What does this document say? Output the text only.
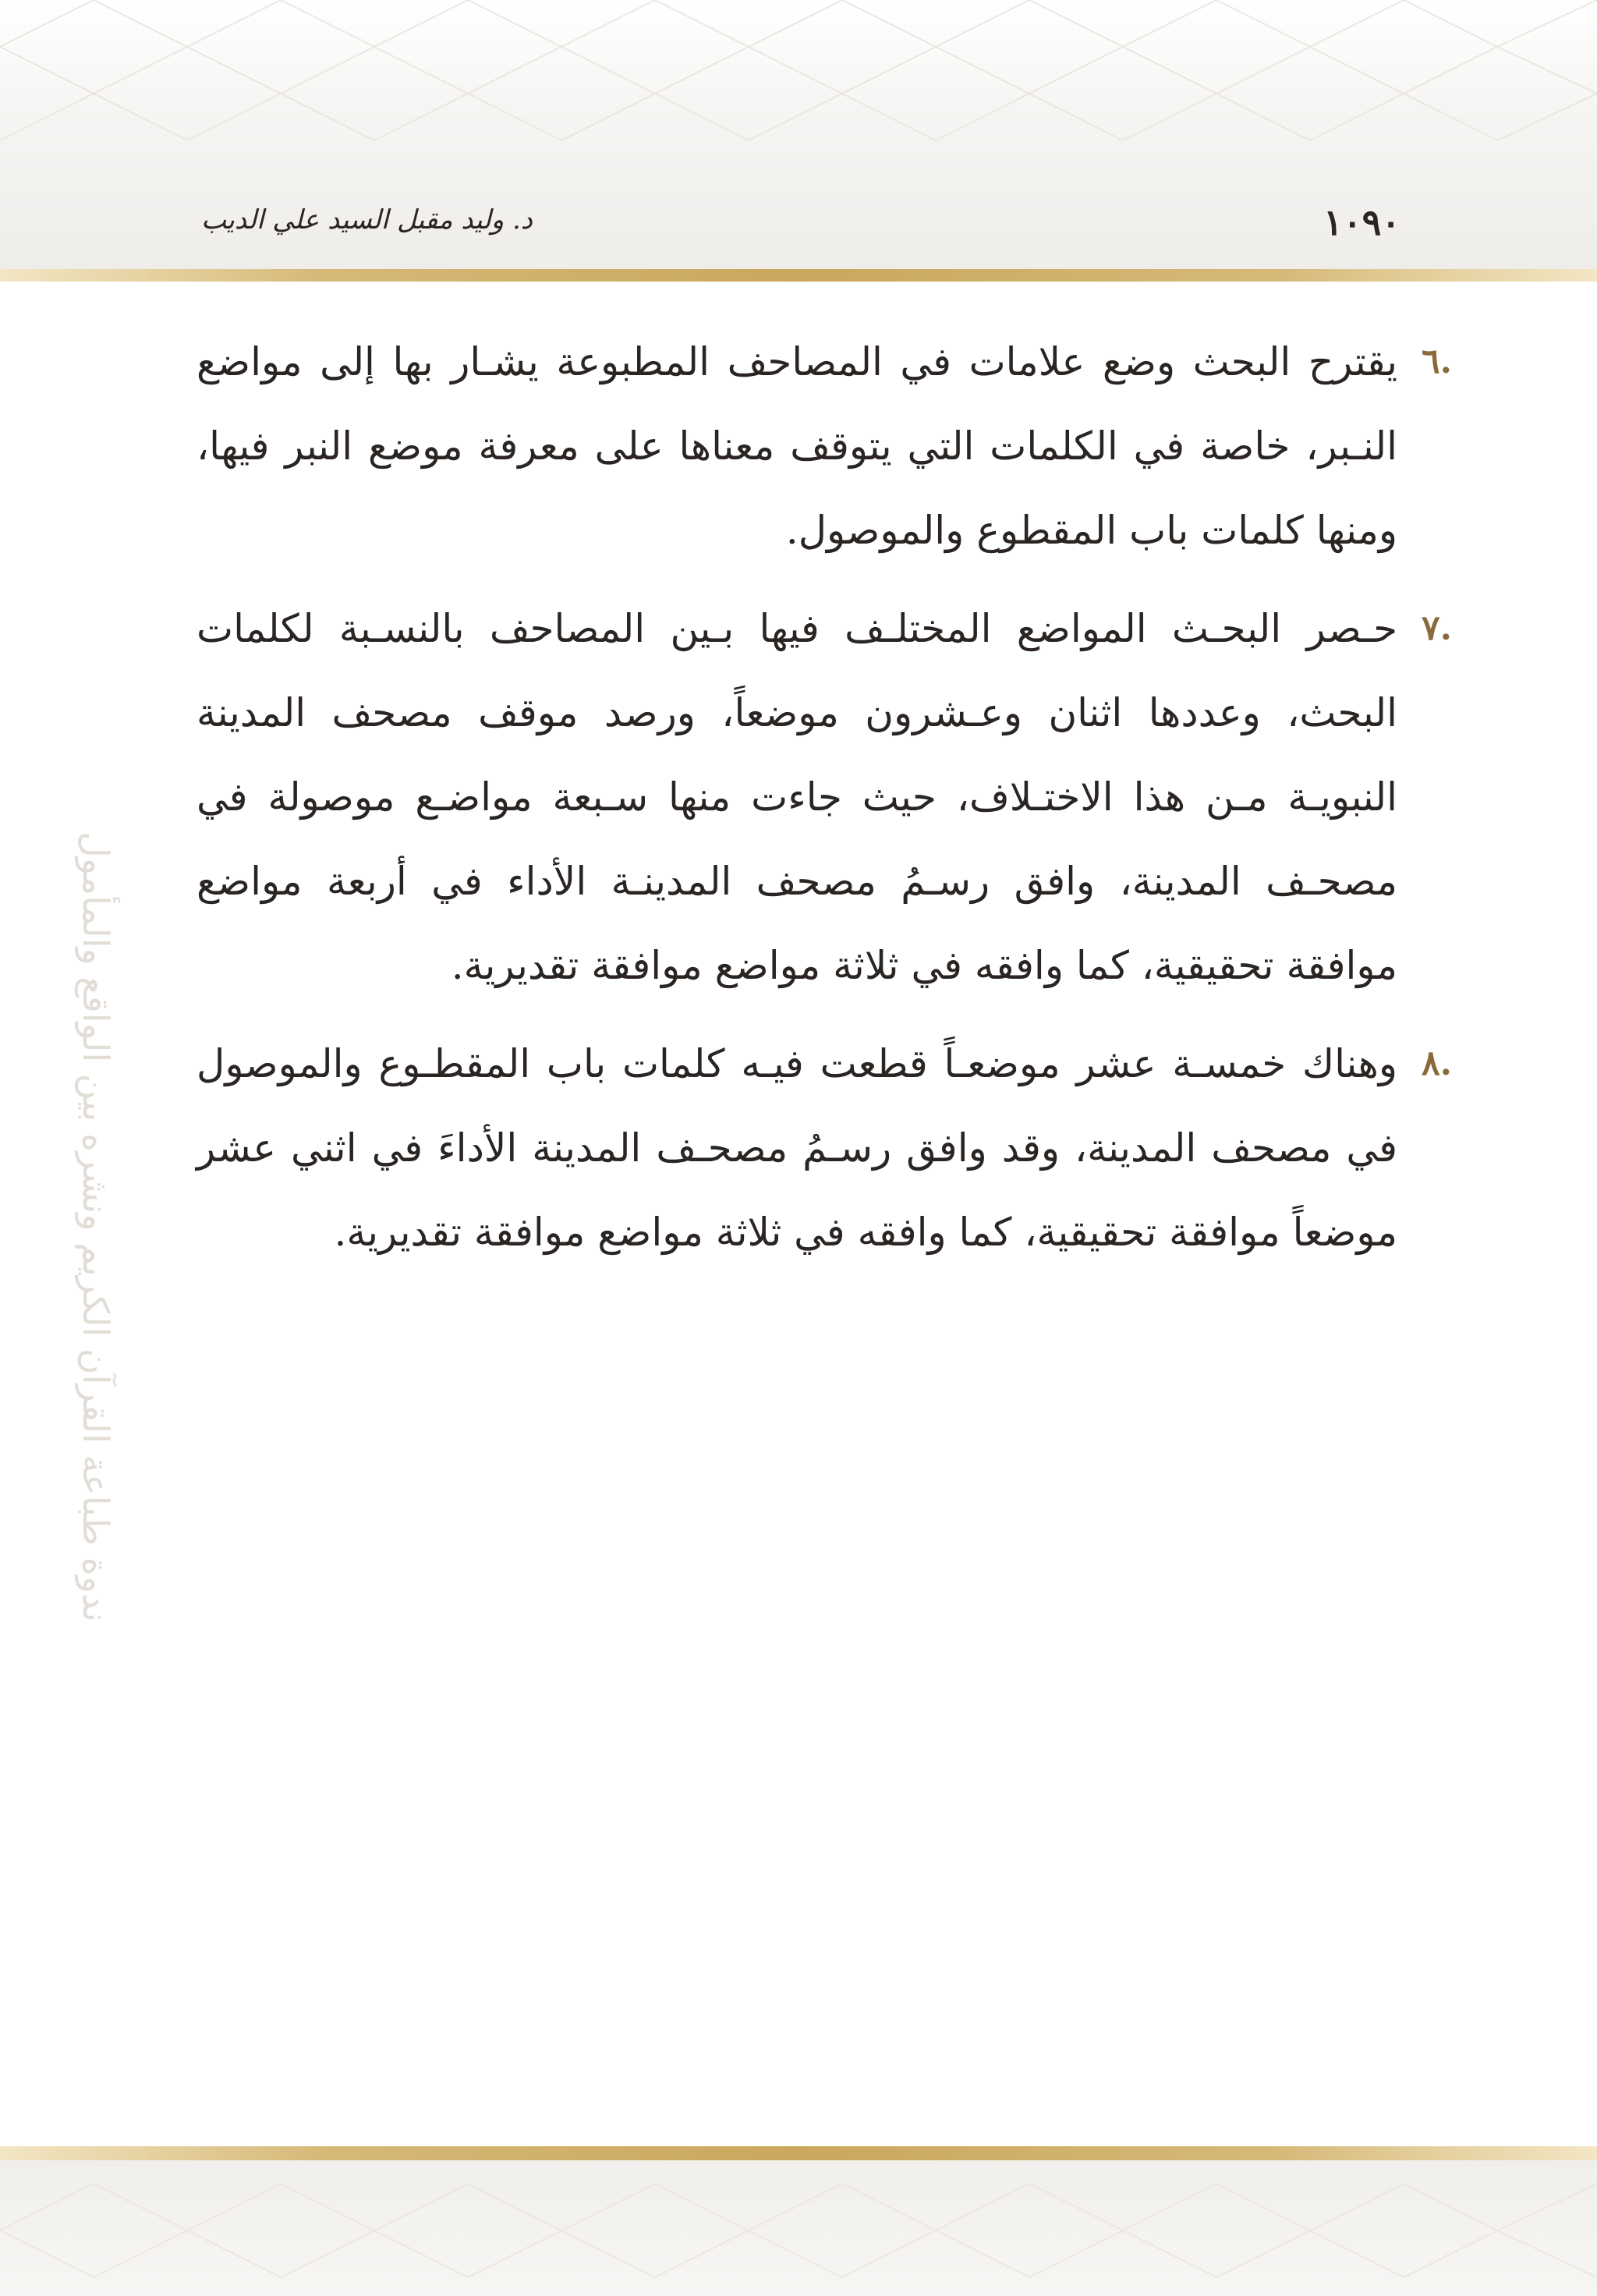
١٠٩٠
د. وليد مقبل السيد علي الديب
ندوة طباعة القرآن الكريم ونشره بين الواقع والمأمول
.٦
يقترح البحث وضع علامات في المصاحف المطبوعة يشـار بها إلى مواضع النـبر، خاصة في الكلمات التي يتوقف معناها على معرفة موضع النبر فيها، ومنها كلمات باب المقطوع والموصول.
.٧
حـصر البحـث المواضع المختلـف فيها بـين المصاحف بالنسـبة لكلمات البحث، وعددها اثنان وعـشرون موضعاً، ورصد موقف مصحف المدينة النبويـة مـن هذا الاختـلاف، حيث جاءت منها سـبعة مواضـع موصولة في مصحـف المدينة، وافق رسـمُ مصحف المدينـة الأداء في أربعة مواضع موافقة تحقيقية، كما وافقه في ثلاثة مواضع موافقة تقديرية.
.٨
وهناك خمسـة عشر موضعـاً قطعت فيـه كلمات باب المقطـوع والموصول في مصحف المدينة، وقد وافق رسـمُ مصحـف المدينة الأداءَ في اثني عشر موضعاً موافقة تحقيقية، كما وافقه في ثلاثة مواضع موافقة تقديرية.
